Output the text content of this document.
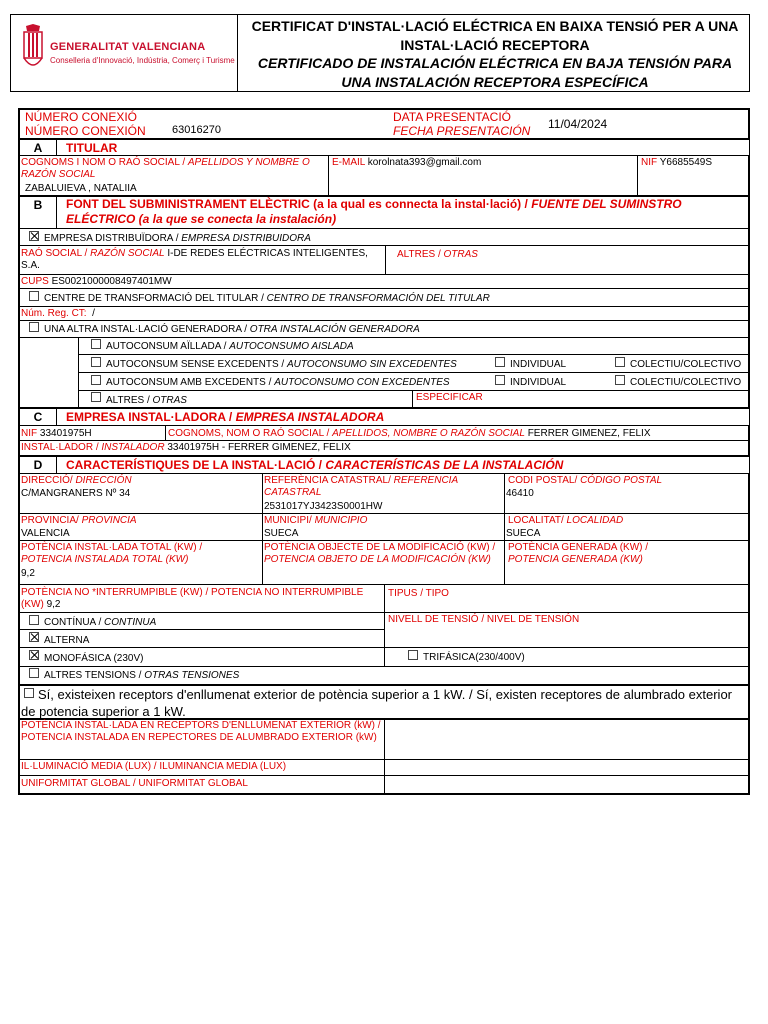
GENERALITAT VALENCIANA
Conselleria d'Innovació, Indústria, Comerç i Turisme
CERTIFICAT D'INSTAL·LACIÓ ELÉCTRICA EN BAIXA TENSIÓ PER A UNA INSTAL·LACIÓ RECEPTORA
CERTIFICADO DE INSTALACIÓN ELÉCTRICA EN BAJA TENSIÓN PARA UNA INSTALACIÓN RECEPTORA ESPECÍFICA
NÚMERO CONEXIÓ
NÚMERO CONEXIÓN 63016270
DATA PRESENTACIÓ
FECHA PRESENTACIÓN 11/04/2024
A	TITULAR
COGNOMS I NOM O RAÓ SOCIAL / APELLIDOS Y NOMBRE O RAZÓN SOCIAL
ZABALUIEVA , NATALIIA
E-MAIL korolnata393@gmail.com	NIF Y6685549S
B	FONT DEL SUBMINISTRAMENT ELÈCTRIC (a la qual es connecta la instal·lació) / FUENTE DEL SUMINSTRO ELÉCTRICO (a la que se conecta la instalación)
EMPRESA DISTRIBUÏDORA / EMPRESA DISTRIBUIDORA
RAÓ SOCIAL / RAZÓN SOCIAL I-DE REDES ELÉCTRICAS INTELIGENTES,
S.A.
ALTRES / OTRAS
CUPS ES0021000008497401MW
CENTRE DE TRANSFORMACIÓ DEL TITULAR / CENTRO DE TRANSFORMACIÓN DEL TITULAR
Núm. Reg. CT: /
UNA ALTRA INSTAL·LACIÓ GENERADORA / OTRA INSTALACIÓN GENERADORA
AUTOCONSUM AÏLLADA / AUTOCONSUMO AISLADA
AUTOCONSUM SENSE EXCEDENTS / AUTOCONSUMO SIN EXCEDENTES	INDIVIDUAL	COLECTIU/COLECTIVO
AUTOCONSUM AMB EXCEDENTS / AUTOCONSUMO CON EXCEDENTES	INDIVIDUAL	COLECTIU/COLECTIVO
ALTRES / OTRAS	ESPECIFICAR
C	EMPRESA INSTAL·LADORA / EMPRESA INSTALADORA
NIF 33401975H	COGNOMS, NOM O RAÓ SOCIAL / APELLIDOS, NOMBRE O RAZÓN SOCIAL FERRER GIMENEZ, FELIX
INSTAL·LADOR / INSTALADOR 33401975H - FERRER GIMENEZ, FELIX
D	CARACTERÍSTIQUES DE LA INSTAL·LACIÓ / CARACTERÍSTICAS DE LA INSTALACIÓN
DIRECCIÓ/ DIRECCIÓN
C/MANGRANERS Nº 34
REFERÈNCIA CATASTRAL/ REFERENCIA CATASTRAL
2531017YJ3423S0001HW
CODI POSTAL/ CÓDIGO POSTAL
46410
PROVINCIA/ PROVINCIA
VALENCIA
MUNICIPI/ MUNICIPIO
SUECA
LOCALITAT/ LOCALIDAD
SUECA
POTÈNCIA INSTAL·LADA TOTAL (KW) /
POTENCIA INSTALADA TOTAL (KW)
9,2
POTÈNCIA OBJECTE DE LA MODIFICACIÓ (KW) /
POTENCIA OBJETO DE LA MODIFICACIÓN (KW)
POTÈNCIA GENERADA (KW) /
POTENCIA GENERADA (KW)
POTÈNCIA NO *INTERRUMPIBLE (KW) / POTENCIA NO INTERRUMPIBLE (KW) 9,2
TIPUS / TIPO
CONTÍNUA / CONTINUA	NIVELL DE TENSIÓ / NIVEL DE TENSIÓN
ALTERNA
MONOFÁSICA (230V)	TRIFÁSICA(230/400V)
ALTRES TENSIONS / OTRAS TENSIONES
Sí, existeixen receptors d'enllumenat exterior de potència superior a 1 kW. / Sí, existen receptores de alumbrado exterior de potencia superior a 1 kW.
POTÈNCIA INSTAL·LADA EN RECEPTORS D'ENLLUMENAT EXTERIOR (kW) / POTENCIA INSTALADA EN REPECTORES DE ALUMBRADO EXTERIOR (kW)
IL·LUMINACIÓ MEDIA (LUX) / ILUMINANCIA MEDIA (LUX)
UNIFORMITAT GLOBAL / UNIFORMITAT GLOBAL
